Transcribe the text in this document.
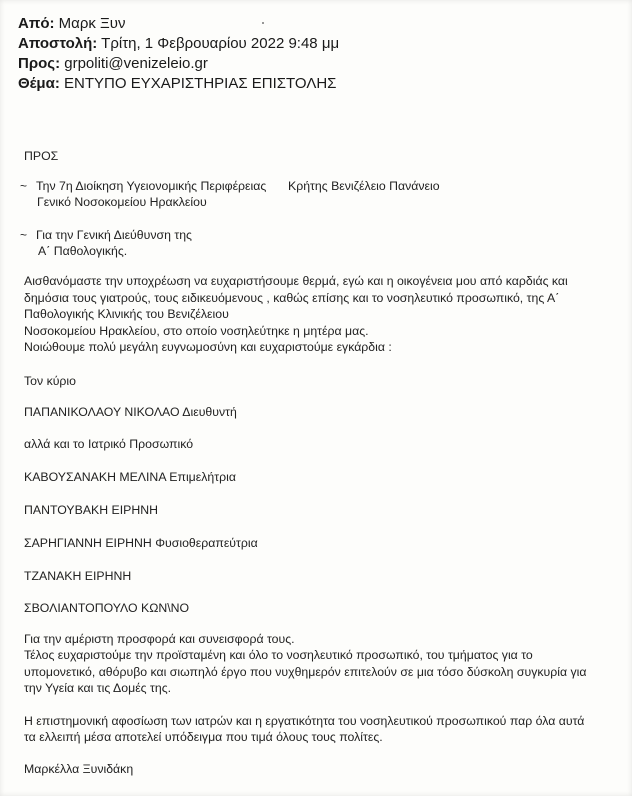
Από: Μαρκ Ξυν
Αποστολή: Τρίτη, 1 Φεβρουαρίου 2022 9:48 μμ
Προς: grpoliti@venizeleio.gr
Θέμα: ΕΝΤΥΠΟ ΕΥΧΑΡΙΣΤΗΡΙΑΣ ΕΠΙΣΤΟΛΗΣ
ΠΡΟΣ
~ Την 7η Διοίκηση Υγειονομικής Περιφέρειας Κρήτης Βενιζέλειο Πανάνειο
Γενικό Νοσοκομείου Ηρακλείου
~ Για την Γενική Διεύθυνση της
Α΄ Παθολογικής.
Αισθανόμαστε την υποχρέωση να ευχαριστήσουμε θερμά, εγώ και η οικογένεια μου από καρδιάς και
δημόσια τους γιατρούς, τους ειδικευόμενους , καθώς επίσης και το νοσηλευτικό προσωπικό, της Α΄
Παθολογικής Κλινικής του Βενιζέλειου
Νοσοκομείου Ηρακλείου, στο οποίο νοσηλεύτηκε η μητέρα μας.
Νοιώθουμε πολύ μεγάλη ευγνωμοσύνη και ευχαριστούμε εγκάρδια :
Τον κύριο
ΠΑΠΑΝΙΚΟΛΑΟΥ ΝΙΚΟΛΑΟ Διευθυντή
αλλά και το Ιατρικό Προσωπικό
ΚΑΒΟΥΣΑΝΑΚΗ ΜΕΛΙΝΑ Επιμελήτρια
ΠΑΝΤΟΥΒΑΚΗ ΕΙΡΗΝΗ
ΣΑΡΗΓΙΑΝΝΗ ΕΙΡΗΝΗ Φυσιοθεραπεύτρια
ΤΖΑΝΑΚΗ ΕΙΡΗΝΗ
ΣΒΟΛΙΑΝΤΟΠΟΥΛΟ ΚΩΝ\ΝΟ
Για την αμέριστη προσφορά και συνεισφορά τους.
Τέλος ευχαριστούμε την προϊσταμένη και όλο το νοσηλευτικό προσωπικό, του τμήματος για το
υπομονετικό, αθόρυβο και σιωπηλό έργο που νυχθημερόν επιτελούν σε μια τόσο δύσκολη συγκυρία για
την Υγεία και τις Δομές της.
Η επιστημονική αφοσίωση των ιατρών και η εργατικότητα του νοσηλευτικού προσωπικού παρ όλα αυτά
τα ελλειπή μέσα αποτελεί υπόδειγμα που τιμά όλους τους πολίτες.
Μαρκέλλα Ξυνιδάκη
